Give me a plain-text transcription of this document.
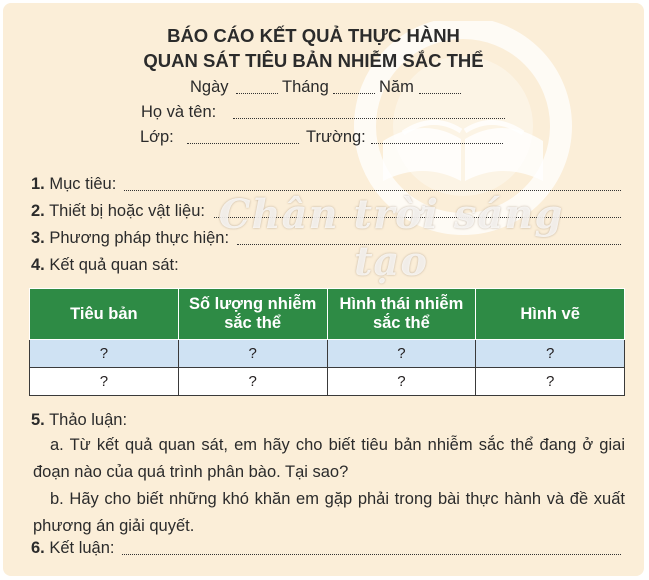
BÁO CÁO KẾT QUẢ THỰC HÀNH
QUAN SÁT TIÊU BẢN NHIỄM SẮC THỂ
Ngày	Tháng	Năm
Họ và tên:
Lớp:	Trường:
1. Mục tiêu:
2. Thiết bị hoặc vật liệu:
3. Phương pháp thực hiện:
4. Kết quả quan sát:
Chân trời sáng tạo
Tiêu bản	Số lượng nhiễm sắc thể	Hình thái nhiễm sắc thể	Hình vẽ
?	?	?	?
?	?	?	?
5. Thảo luận:
a. Từ kết quả quan sát, em hãy cho biết tiêu bản nhiễm sắc thể đang ở giai đoạn nào của quá trình phân bào. Tại sao?
b. Hãy cho biết những khó khăn em gặp phải trong bài thực hành và đề xuất phương án giải quyết.
6. Kết luận:
